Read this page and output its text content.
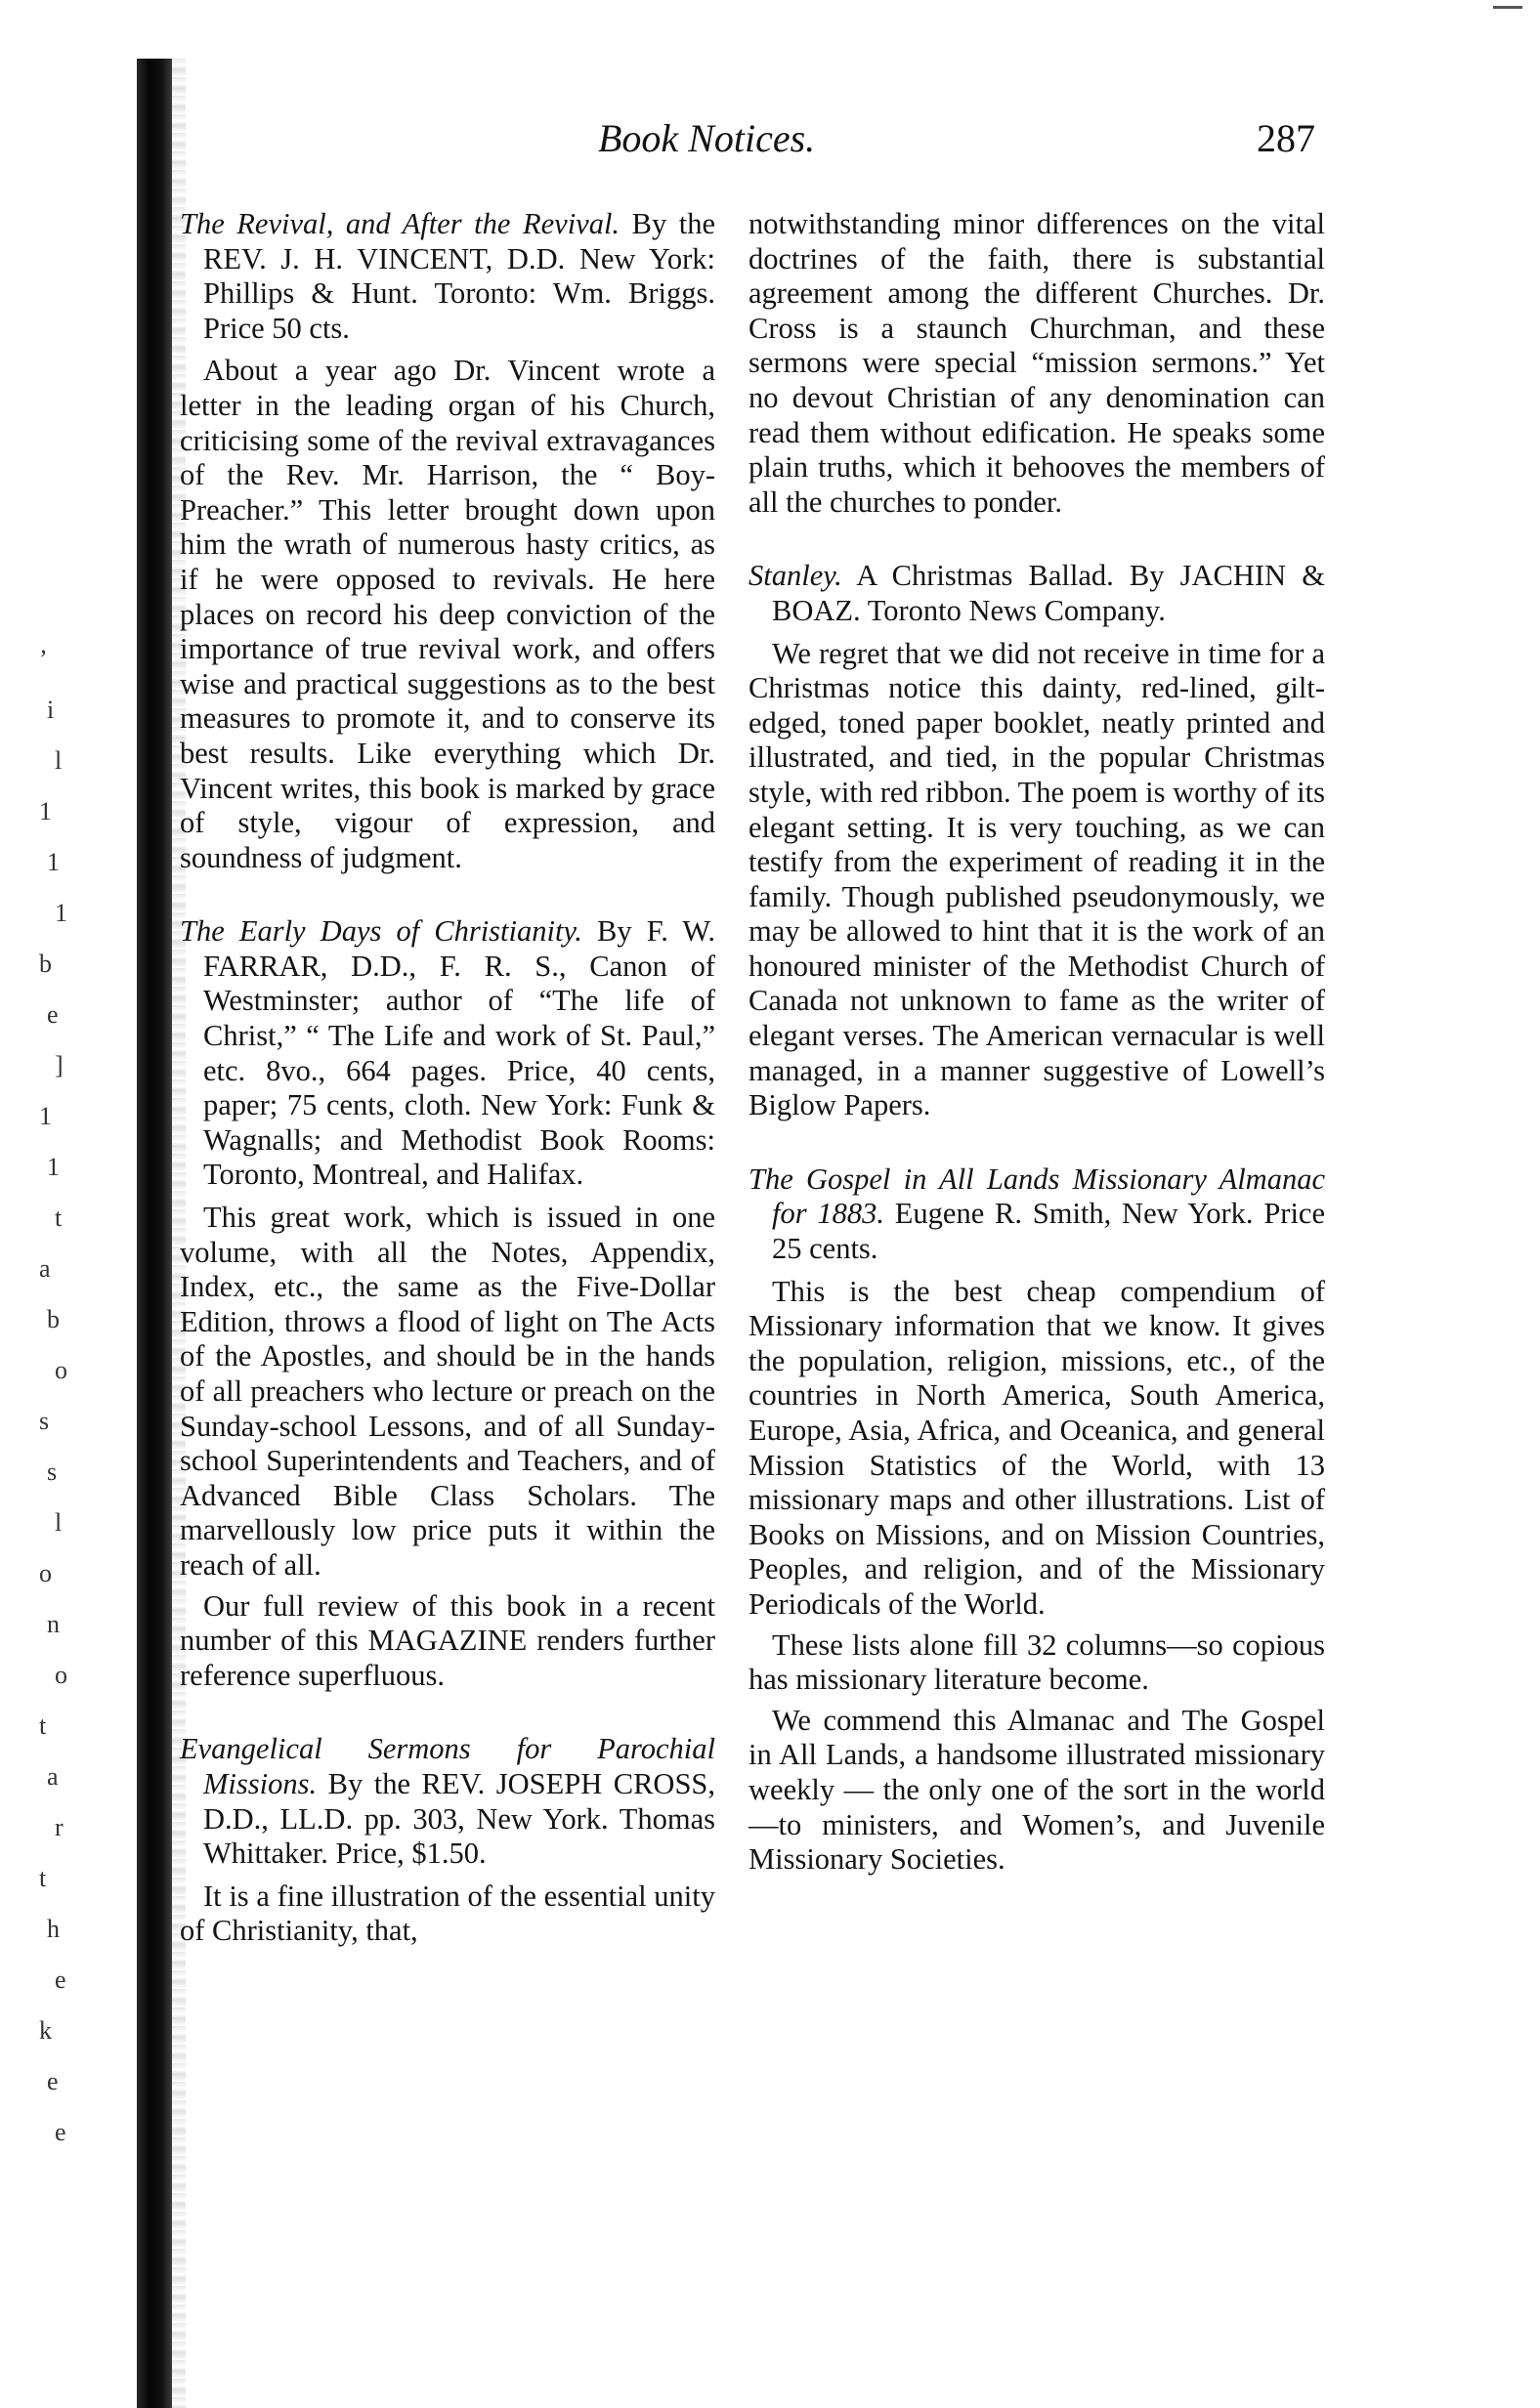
’
i
l
1
1
1
b
e
]
1
1
t
a
b
o
s
s
l
o
n
o
t
a
r
t
h
e
k
e
e
Book Notices.	287

The Revival, and After the Revival. By the REV. J. H. VINCENT, D.D. New York: Phillips & Hunt. Toronto: Wm. Briggs. Price 50 cts.

About a year ago Dr. Vincent wrote a letter in the leading organ of his Church, criticising some of the revival extravagances of the Rev. Mr. Harrison, the “ Boy-Preacher.” This letter brought down upon him the wrath of numerous hasty critics, as if he were opposed to revivals. He here places on record his deep conviction of the importance of true revival work, and offers wise and practical suggestions as to the best measures to promote it, and to conserve its best results. Like everything which Dr. Vincent writes, this book is marked by grace of style, vigour of expression, and soundness of judgment.

The Early Days of Christianity. By F. W. FARRAR, D.D., F. R. S., Canon of Westminster; author of “The life of Christ,” “ The Life and work of St. Paul,” etc. 8vo., 664 pages. Price, 40 cents, paper; 75 cents, cloth. New York: Funk & Wagnalls; and Methodist Book Rooms: Toronto, Montreal, and Halifax.

This great work, which is issued in one volume, with all the Notes, Appendix, Index, etc., the same as the Five-Dollar Edition, throws a flood of light on The Acts of the Apostles, and should be in the hands of all preachers who lecture or preach on the Sunday-school Lessons, and of all Sunday-school Superintendents and Teachers, and of Advanced Bible Class Scholars. The marvellously low price puts it within the reach of all.

Our full review of this book in a recent number of this MAGAZINE renders further reference superfluous.

Evangelical Sermons for Parochial Missions. By the REV. JOSEPH CROSS, D.D., LL.D. pp. 303, New York. Thomas Whittaker. Price, $1.50.

It is a fine illustration of the essential unity of Christianity, that,

notwithstanding minor differences on the vital doctrines of the faith, there is substantial agreement among the different Churches. Dr. Cross is a staunch Churchman, and these sermons were special “mission sermons.” Yet no devout Christian of any denomination can read them without edification. He speaks some plain truths, which it behooves the members of all the churches to ponder.

Stanley. A Christmas Ballad. By JACHIN & BOAZ. Toronto News Company.

We regret that we did not receive in time for a Christmas notice this dainty, red-lined, gilt-edged, toned paper booklet, neatly printed and illustrated, and tied, in the popular Christmas style, with red ribbon. The poem is worthy of its elegant setting. It is very touching, as we can testify from the experiment of reading it in the family. Though published pseudonymously, we may be allowed to hint that it is the work of an honoured minister of the Methodist Church of Canada not unknown to fame as the writer of elegant verses. The American vernacular is well managed, in a manner suggestive of Lowell’s Biglow Papers.

The Gospel in All Lands Missionary Almanac for 1883. Eugene R. Smith, New York. Price 25 cents.

This is the best cheap compendium of Missionary information that we know. It gives the population, religion, missions, etc., of the countries in North America, South America, Europe, Asia, Africa, and Oceanica, and general Mission Statistics of the World, with 13 missionary maps and other illustrations. List of Books on Missions, and on Mission Countries, Peoples, and religion, and of the Missionary Periodicals of the World.

These lists alone fill 32 columns—so copious has missionary literature become.

We commend this Almanac and The Gospel in All Lands, a handsome illustrated missionary weekly — the only one of the sort in the world—to ministers, and Women’s, and Juvenile Missionary Societies.
